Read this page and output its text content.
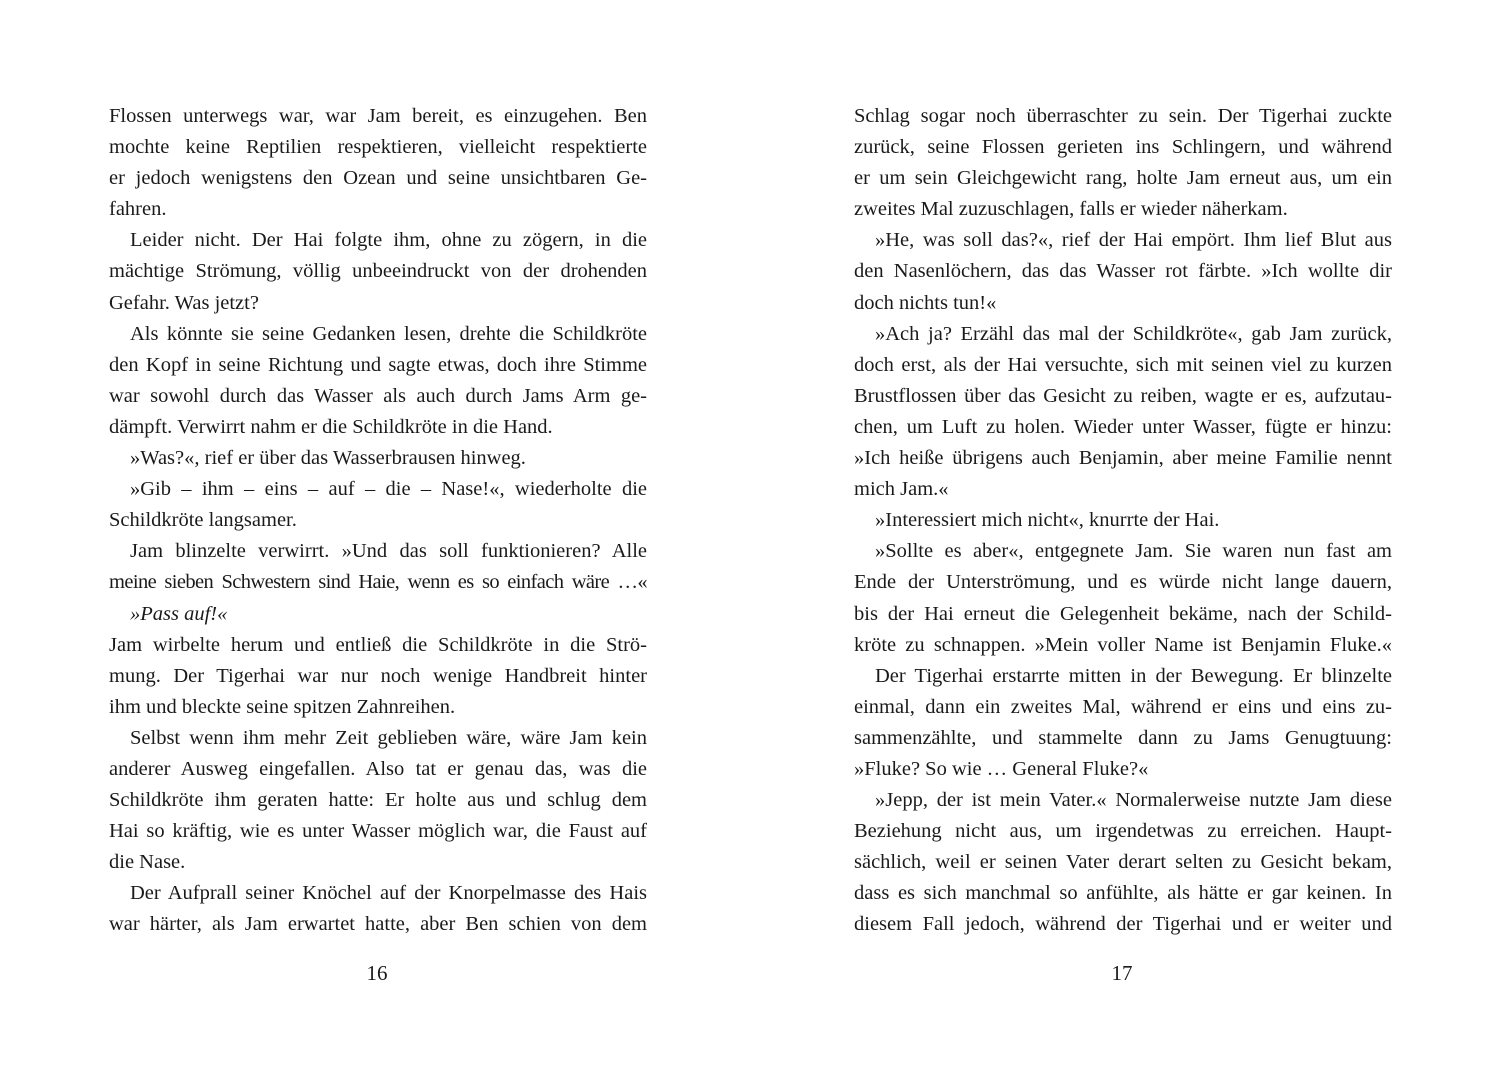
Flossen unterwegs war, war Jam bereit, es einzugehen. Ben
mochte keine Reptilien respektieren, vielleicht respektierte
er jedoch wenigstens den Ozean und seine unsichtbaren Ge-
fahren.
Leider nicht. Der Hai folgte ihm, ohne zu zögern, in die
mächtige Strömung, völlig unbeeindruckt von der drohenden
Gefahr. Was jetzt?
Als könnte sie seine Gedanken lesen, drehte die Schildkröte
den Kopf in seine Richtung und sagte etwas, doch ihre Stimme
war sowohl durch das Wasser als auch durch Jams Arm ge-
dämpft. Verwirrt nahm er die Schildkröte in die Hand.
»Was?«, rief er über das Wasserbrausen hinweg.
»Gib – ihm – eins – auf – die – Nase!«, wiederholte die
Schildkröte langsamer.
Jam blinzelte verwirrt. »Und das soll funktionieren? Alle
meine sieben Schwestern sind Haie, wenn es so einfach wäre …«
»Pass auf!«
Jam wirbelte herum und entließ die Schildkröte in die Strö-
mung. Der Tigerhai war nur noch wenige Handbreit hinter
ihm und bleckte seine spitzen Zahnreihen.
Selbst wenn ihm mehr Zeit geblieben wäre, wäre Jam kein
anderer Ausweg eingefallen. Also tat er genau das, was die
Schildkröte ihm geraten hatte: Er holte aus und schlug dem
Hai so kräftig, wie es unter Wasser möglich war, die Faust auf
die Nase.
Der Aufprall seiner Knöchel auf der Knorpelmasse des Hais
war härter, als Jam erwartet hatte, aber Ben schien von dem
Schlag sogar noch überraschter zu sein. Der Tigerhai zuckte
zurück, seine Flossen gerieten ins Schlingern, und während
er um sein Gleichgewicht rang, holte Jam erneut aus, um ein
zweites Mal zuzuschlagen, falls er wieder näherkam.
»He, was soll das?«, rief der Hai empört. Ihm lief Blut aus
den Nasenlöchern, das das Wasser rot färbte. »Ich wollte dir
doch nichts tun!«
»Ach ja? Erzähl das mal der Schildkröte«, gab Jam zurück,
doch erst, als der Hai versuchte, sich mit seinen viel zu kurzen
Brustflossen über das Gesicht zu reiben, wagte er es, aufzutau-
chen, um Luft zu holen. Wieder unter Wasser, fügte er hinzu:
»Ich heiße übrigens auch Benjamin, aber meine Familie nennt
mich Jam.«
»Interessiert mich nicht«, knurrte der Hai.
»Sollte es aber«, entgegnete Jam. Sie waren nun fast am
Ende der Unterströmung, und es würde nicht lange dauern,
bis der Hai erneut die Gelegenheit bekäme, nach der Schild-
kröte zu schnappen. »Mein voller Name ist Benjamin Fluke.«
Der Tigerhai erstarrte mitten in der Bewegung. Er blinzelte
einmal, dann ein zweites Mal, während er eins und eins zu-
sammenzählte, und stammelte dann zu Jams Genugtuung:
»Fluke? So wie … General Fluke?«
»Jepp, der ist mein Vater.« Normalerweise nutzte Jam diese
Beziehung nicht aus, um irgendetwas zu erreichen. Haupt-
sächlich, weil er seinen Vater derart selten zu Gesicht bekam,
dass es sich manchmal so anfühlte, als hätte er gar keinen. In
diesem Fall jedoch, während der Tigerhai und er weiter und
16	17
